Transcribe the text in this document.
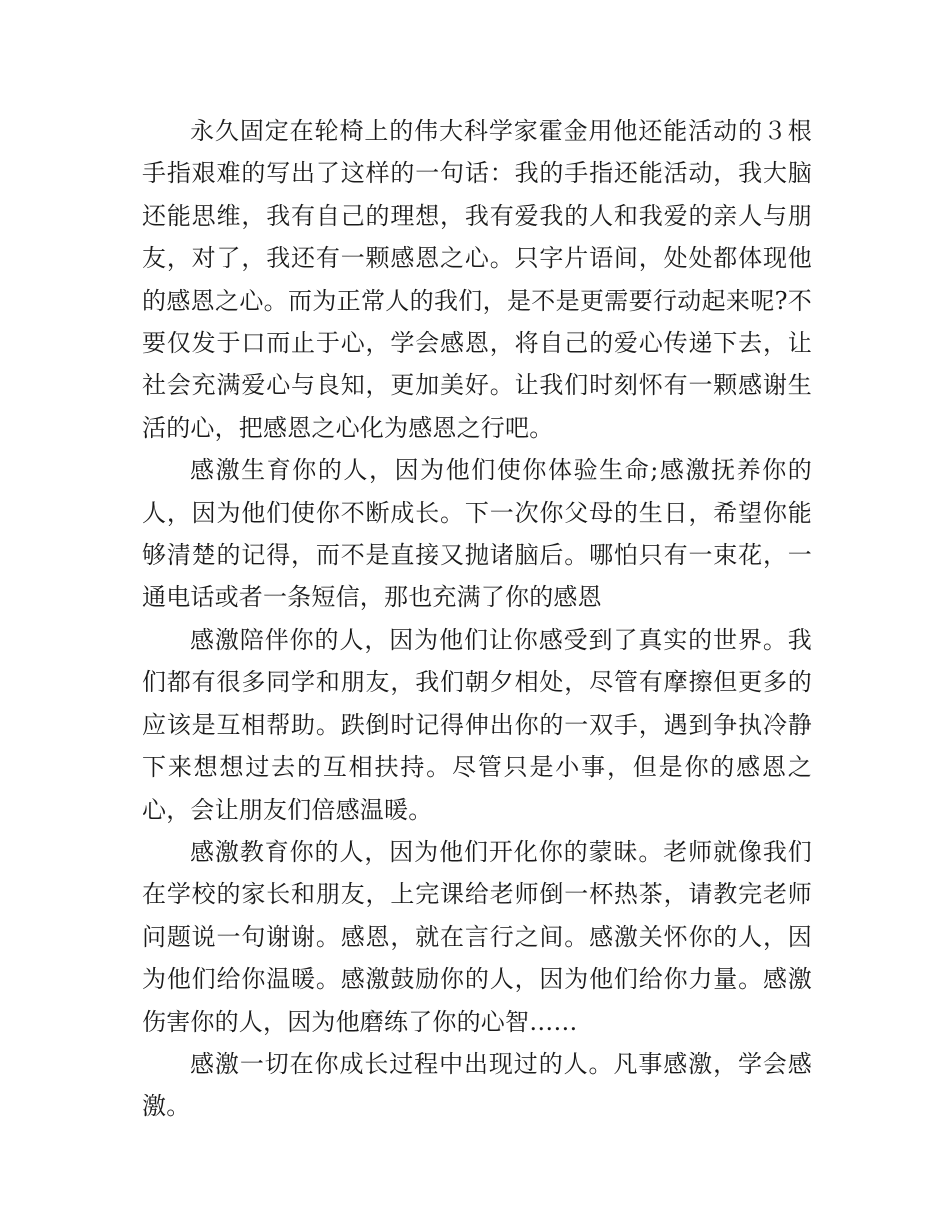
永久固定在轮椅上的伟大科学家霍金用他还能活动的３根手指艰难的写出了这样的一句话：我的手指还能活动，我大脑还能思维，我有自己的理想，我有爱我的人和我爱的亲人与朋友，对了，我还有一颗感恩之心。只字片语间，处处都体现他的感恩之心。而为正常人的我们，是不是更需要行动起来呢?不要仅发于口而止于心，学会感恩，将自己的爱心传递下去，让社会充满爱心与良知，更加美好。让我们时刻怀有一颗感谢生活的心，把感恩之心化为感恩之行吧。

感激生育你的人，因为他们使你体验生命;感激抚养你的人，因为他们使你不断成长。下一次你父母的生日，希望你能够清楚的记得，而不是直接又抛诸脑后。哪怕只有一束花，一通电话或者一条短信，那也充满了你的感恩

感激陪伴你的人，因为他们让你感受到了真实的世界。我们都有很多同学和朋友，我们朝夕相处，尽管有摩擦但更多的应该是互相帮助。跌倒时记得伸出你的一双手，遇到争执冷静下来想想过去的互相扶持。尽管只是小事，但是你的感恩之心，会让朋友们倍感温暖。

感激教育你的人，因为他们开化你的蒙昧。老师就像我们在学校的家长和朋友，上完课给老师倒一杯热茶，请教完老师问题说一句谢谢。感恩，就在言行之间。感激关怀你的人，因为他们给你温暖。感激鼓励你的人，因为他们给你力量。感激伤害你的人，因为他磨练了你的心智……

感激一切在你成长过程中出现过的人。凡事感激，学会感激。
